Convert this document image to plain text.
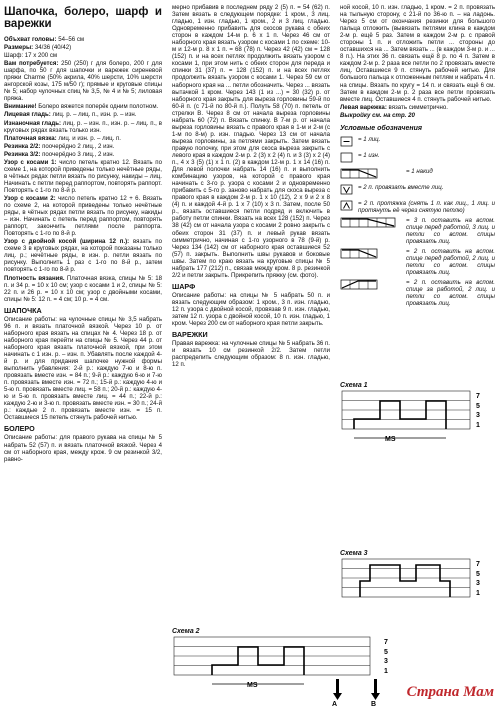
Шапочка, болеро, шарф и варежки
Объхват головы: 54–56 см
Размеры: 34/36 (40/42)
Шарф: 17 х 200 см
Вам потребуется: 250 (250) г для болеро, 200 г для шарфа, по 50 г для шапочки и варежек сиреневой пряжи Charme (50% акрила, 40% шерсти, 10% шерсти ангорской козы, 175 м/50 г); прямые и круговые спицы № 5; набор чулочных спиц № 3,5, № 4 и № 5; лиловая пряжа.
Внимание! Болеро вяжется поперёк одним полотном.
Лицевая гладь: лиц. р. – лиц. п., изн. р. – изн.
Изнаночная гладь: лиц. р. – изн. п., изн. р. – лиц. п., в круговых рядах вязать только изн.
Платочная вязка: лиц. и изн. р. – лиц. п.
Резинка 2/2: поочерёдно 2 лиц., 2 изн.
Резинка 3/2: поочерёдно 3 лиц., 2 изн.
Узор с косами 1: число петель кратно 12. Вязать по схеме 1, на которой приведены только нечётные ряды, в чётных рядах петли вязать по рисунку, накиды – лиц. Начинать с петли перед раппортом, повторять раппорт. Повторять с 1-го по 8-й р.
Узор с косами 2: число петель кратно 12 + 6. Вязать по схеме 2, на которой приведены только нечётные ряды, в чётных рядах петли вязать по рисунку, накиды – изн. Начинать с петель перед раппортом, повторять раппорт, закончить петлями после раппорта. Повторять с 1-го по 8-й р.
Узор с двойной косой (ширина 12 п.): вязать по схеме 3 в круговых рядах, на которой показаны только лиц. р.; нечётные ряды, в изн. р. петли вязать по рисунку. Выполнить 1 раз с 1-го по 8-й р., затем повторять с 1-го по 8-й р.
Плотность вязания. Платочная вязка, спицы № 5: 18 п. и 34 р. = 10 х 10 см; узор с косами 1 и 2, спицы № 5: 22 п. и 26 р. = 10 х 10 см; узор с двойными косами, спицы № 5: 12 п. = 4 см; 10 р. = 4 см.
ШАПОЧКА
Описание работы: на чулочные спицы № 3,5 набрать 96 п. и вязать платочной вязкой. Через 10 р. от наборного края вязать на спицах № 4. Через 18 р. от наборного края перейти на спицы № 5. Через 44 р. от наборного края вязать платочной вязкой, при этом начинать с 1 изн. р. – изн. п. Убавлять после каждой 4-й р. и для придания шапочке нужной формы выполнить убавления: 2-й р.: каждую 7-ю и 8-ю п. провязать вместе изн. = 84 п.; 9-й р.: каждую 6-ю и 7-ю п. провязать вместе изн. = 72 п.; 15-й р.: каждую 4-ю и 5-ю п. провязать вместе лиц. = 58 п.; 20-й р.: каждую 4-ю и 5-ю п. провязать вместе лиц. = 44 п.; 22-й р.: каждую 2-ю и 3-ю п. провязать вместе изн. = 30 п.; 24-й р.: каждые 2 п. провязать вместе изн. = 15 п. Оставшиеся 15 петель стянуть рабочей нитью.
БОЛЕРО
Описание работы: для правого рукава на спицы № 5 набрать 52 (57) п. и вязать платочной вязкой. Через 4 см от наборного края, между крож. 9 см резинкой 3/2, равно-
мерно прибавив в последнем ряду 2 (5) п. = 54 (62) п. Затем вязать в следующем порядке: 1 кром., 3 лиц. гладью, 1 изн. гладью, 1 кром., 2 и 3 лиц. гладью. Одновременно прибавить для скосов рукава с обеих сторон в каждом 14-м р. 6 х 1 п. Через 46 см от наборного края вязать узором с косами 1 по схеме: 10-м и 12-м р. 8 х 1 п. = 68 (78) п. Через 42 (42) см = 128 (152) п. и на всех петлях продолжить вязать узором с косами 1, при этом нить с обеих сторон для переда и спинки 31 (37) п. = 128 (152) п. и на всех петлях продолжить вязать узором с косами 1. Через 59 см от наборного края на ... петли обозначить. Через ... вязать вытачкой 1 кром. Через 143 (1 из ...) = 30 (32) р. от наборного края закрыть для выреза горловины 59-й по 60-й п. (с 71-й по 80-й п.). Полуть 58 (70) п. петель от стрелки B. Через 8 см от начала выреза горловины набрать 60 (72) п. Вязать спинку. В 7-м р. от начала выреза горловины вязать с правого края в 1-м и 2-м (с 1-м по 8-м) р. изн. гладью. Через 13 см от начала выреза горловины, за петлями закрыть. Затем вязать правую полочку, при этом для скоса выреза закрыть с левого края в каждом 2-м р. 2 (3) х 2 (4) п. и 3 (3) х 2 (4) п., 4 х 3 (5) (1) х 1 п. (2) в каждом 12-м р. 1 х 14 (16) п. Для левой полочки набрать 14 (16) п. и выполнить комбинацию узоров, на которой с правого края начинать с 3-го р. узора с косами 2 и одновременно прибавить с 5-го р. заново набрать для скоса выреза с правого края в каждом 2-м р. 1 х 10 (12), 2 х 9 и 2 х 8 (4) п. и каждой 4-й р. 1 х 7 (10) х 3 п. Затем, после 50 р., вязать оставшиеся петли подряд и включить в работу петли спинки. Вязать на всех 128 (152) п. Через 38 (42) см от начала узора с косами 2 ровно закрыть с обеих сторон 31 (37) п. и левый рукав вязать симметрично, начиная с 1-го узорного в 78 (9-й) р. Через 134 (142) см от наборного края оставшиеся 52 (57) п. закрыть. Выполнить швы рукавов и боковые швы. Затем по краю вязать на круговые спицы № 5 набрать 177 (212) п., связав между кром. 8 р. резинкой 2/2 и петли закрыть. Прикрепить пряжку (см. фото).
ШАРФ
Описание работы: на спицы № 5 набрать 50 п. и вязать следующим образом: 1 кром., 3 п. изн. гладью, 12 п. узора с двойной косой, провязав 9 п. изн. гладью, затем 12 п. узора с двойной косой, 10 п. изн. гладью, 1 кром. Через 200 см от наборного края петли закрыть.
ВАРЕЖКИ
Правая варежка: на чулочные спицы № 5 набрать 36 п. и вязать 10 см резинкой 2/2. Затем петли распределить следующим образом: 8 п. изн. гладью, 12 п.
ной косой, 10 п. изн. гладью, 1 кром. = 2 п. провязать на тыльную сторону, с 21-й по 36-ю п. – на ладонь. Через 5 см от окончания резинки для большого пальца отложить (вывязать петлями клина в каждом 2-м р. ещё 5 раз. Затем в каждом 2-м р. с правой стороны 1 п. и отложить петли ... стороны до оставшихся на ... Затем вязать ... (в каждом 3-м р. и ... 8 п.). На этих 36 п. связать ещё 8 р. по 4 п. Затем в каждом 2-м р. 2 раза все петли по 2 провязать вместе лиц. Оставшиеся 9 п. стянуть рабочей нитью. Для большого пальца к отложенным петлям и набрать 4 п. на спицы. Вязать по кругу = 14 п. и связать ещё 6 см. Затем в каждом 2-м р. 2 раза все петли провязать вместе лиц. Оставшиеся 4 п. стянуть рабочей нитью.
Левая варежка: вязать симметрично.
Выкройку см. на стр. 20
Условные обозначения
= 1 лиц.
= 1 изн.
= 1 накид
= 2 п. провязать вместе лиц.
= 2 п. протяжка (снять 1 п. как лиц., 1 лиц. и протянуть её через снятую петлю)
= 3 п. оставить на вспом. спице перед работой, 3 лиц. и петли со вспом. спицы провязать лиц.
= 2 п. оставить на вспом. спице перед работой, 2 лиц. и петли со вспом. спицы провязать лиц.
= 2 п. оставить на вспом. спице за работой, 2 лиц. и петли со вспом. спицы провязать лиц.
Схема 1
MS
7
5
3
1
Схема 3
7
5
3
1
Схема 2
MS
A	B
7
5
3
1
Страна Мам
